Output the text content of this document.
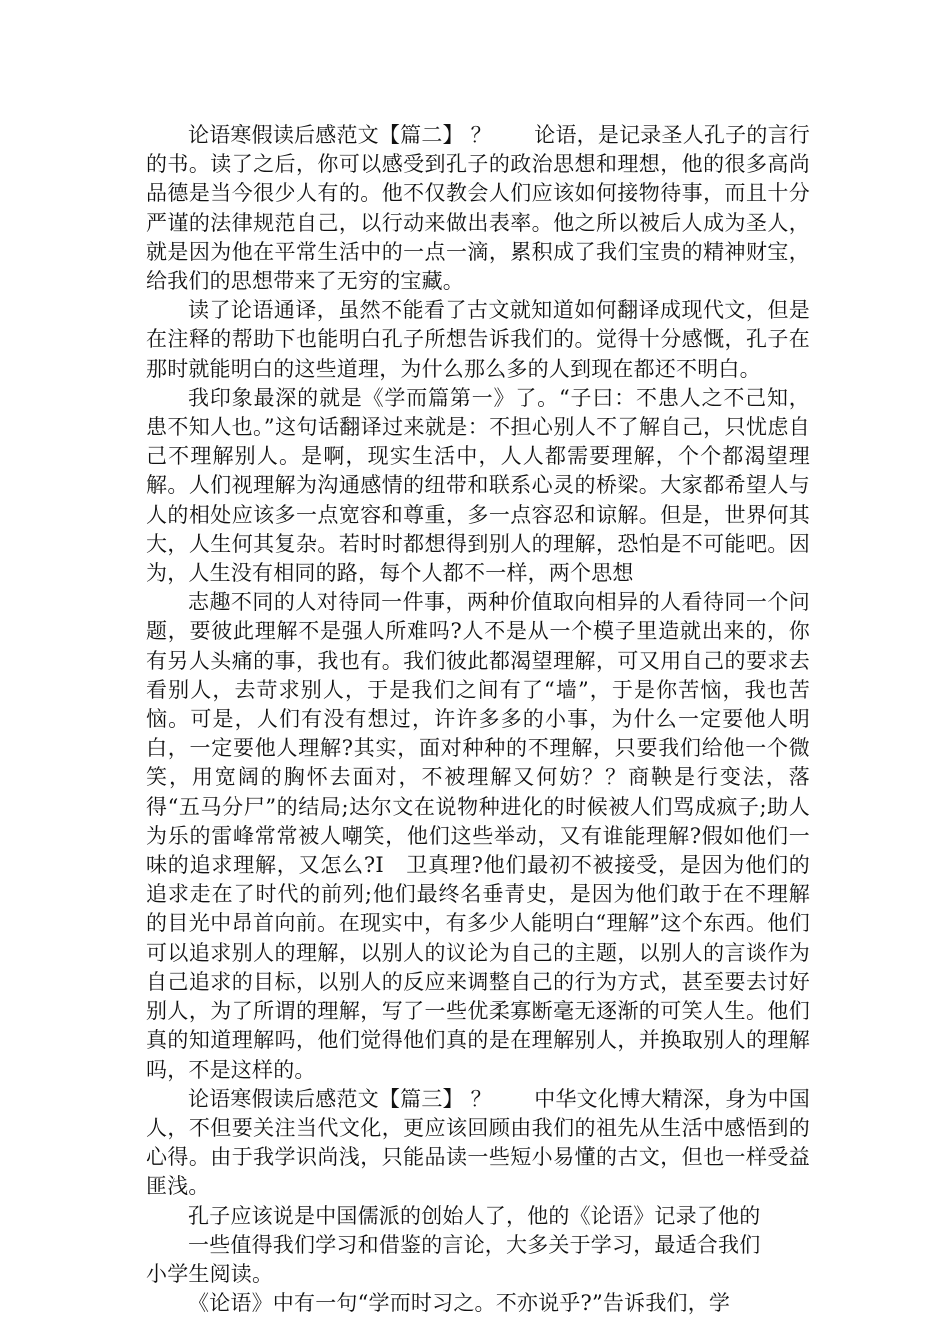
论语寒假读后感范文【篇二】 ？　　论语，是记录圣人孔子的言行的书。读了之后，你可以感受到孔子的政治思想和理想，他的很多高尚品德是当今很少人有的。他不仅教会人们应该如何接物待事，而且十分严谨的法律规范自己，以行动来做出表率。他之所以被后人成为圣人，就是因为他在平常生活中的一点一滴，累积成了我们宝贵的精神财宝，给我们的思想带来了无穷的宝藏。

读了论语通译，虽然不能看了古文就知道如何翻译成现代文，但是在注释的帮助下也能明白孔子所想告诉我们的。觉得十分感慨，孔子在那时就能明白的这些道理，为什么那么多的人到现在都还不明白。

我印象最深的就是《学而篇第一》了。“子曰：不患人之不己知，患不知人也。”这句话翻译过来就是：不担心别人不了解自己，只忧虑自己不理解别人。是啊，现实生活中，人人都需要理解，个个都渴望理解。人们视理解为沟通感情的纽带和联系心灵的桥梁。大家都希望人与人的相处应该多一点宽容和尊重，多一点容忍和谅解。但是，世界何其大，人生何其复杂。若时时都想得到别人的理解，恐怕是不可能吧。因为，人生没有相同的路，每个人都不一样，两个思想

志趣不同的人对待同一件事，两种价值取向相异的人看待同一个问题，要彼此理解不是强人所难吗?人不是从一个模子里造就出来的，你有另人头痛的事，我也有。我们彼此都渴望理解，可又用自己的要求去看别人，去苛求别人，于是我们之间有了“墙”，于是你苦恼，我也苦恼。可是，人们有没有想过，许许多多的小事，为什么一定要他人明白，一定要他人理解?其实，面对种种的不理解，只要我们给他一个微笑，用宽阔的胸怀去面对，不被理解又何妨？？商鞅是行变法，落得“五马分尸”的结局;达尔文在说物种进化的时候被人们骂成疯子;助人为乐的雷峰常常被人嘲笑，他们这些举动，又有谁能理解?假如他们一味的追求理解，又怎么?I　卫真理?他们最初不被接受，是因为他们的追求走在了时代的前列;他们最终名垂青史，是因为他们敢于在不理解的目光中昂首向前。在现实中，有多少人能明白“理解”这个东西。他们可以追求别人的理解，以别人的议论为自己的主题，以别人的言谈作为自己追求的目标，以别人的反应来调整自己的行为方式，甚至要去讨好别人，为了所谓的理解，写了一些优柔寡断毫无逐渐的可笑人生。他们真的知道理解吗，他们觉得他们真的是在理解别人，并换取别人的理解吗，不是这样的。

论语寒假读后感范文【篇三】 ？　　中华文化博大精深，身为中国人，不但要关注当代文化，更应该回顾由我们的祖先从生活中感悟到的心得。由于我学识尚浅，只能品读一些短小易懂的古文，但也一样受益匪浅。

孔子应该说是中国儒派的创始人了，他的《论语》记录了他的

一些值得我们学习和借鉴的言论，大多关于学习，最适合我们

小学生阅读。

《论语》中有一句“学而时习之。不亦说乎?”告诉我们，学
